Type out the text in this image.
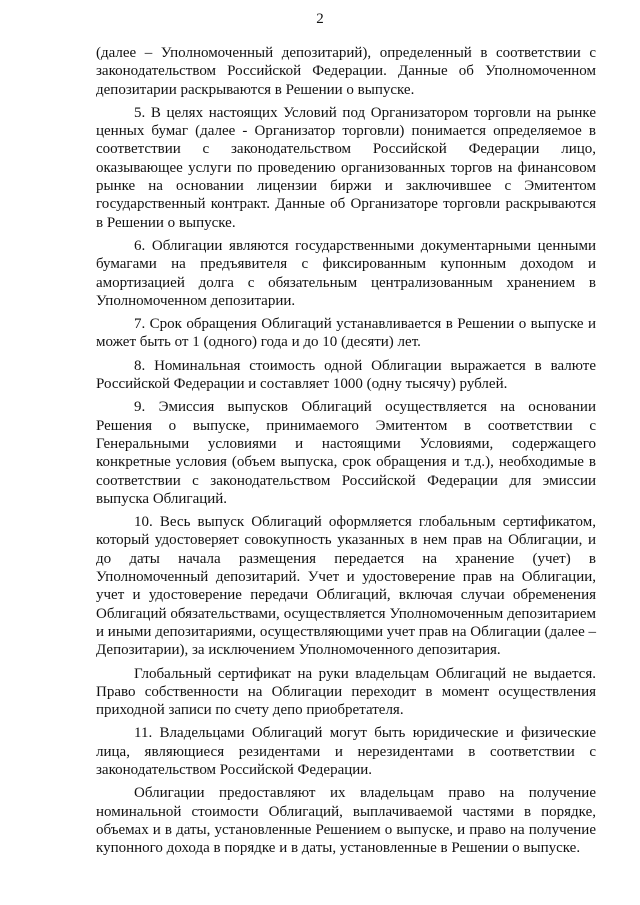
2

(далее – Уполномоченный депозитарий), определенный в соответствии с законодательством Российской Федерации. Данные об Уполномоченном депозитарии раскрываются в Решении о выпуске.

5. В целях настоящих Условий под Организатором торговли на рынке ценных бумаг (далее - Организатор торговли) понимается определяемое в соответствии с законодательством Российской Федерации лицо, оказывающее услуги по проведению организованных торгов на финансовом рынке на основании лицензии биржи и заключившее с Эмитентом государственный контракт. Данные об Организаторе торговли раскрываются в Решении о выпуске.

6. Облигации являются государственными документарными ценными бумагами на предъявителя с фиксированным купонным доходом и амортизацией долга с обязательным централизованным хранением в Уполномоченном депозитарии.

7. Срок обращения Облигаций устанавливается в Решении о выпуске и может быть от 1 (одного) года и до 10 (десяти) лет.

8. Номинальная стоимость одной Облигации выражается в валюте Российской Федерации и составляет 1000 (одну тысячу) рублей.

9. Эмиссия выпусков Облигаций осуществляется на основании Решения о выпуске, принимаемого Эмитентом в соответствии с Генеральными условиями и настоящими Условиями, содержащего конкретные условия (объем выпуска, срок обращения и т.д.), необходимые в соответствии с законодательством Российской Федерации для эмиссии выпуска Облигаций.

10. Весь выпуск Облигаций оформляется глобальным сертификатом, который удостоверяет совокупность указанных в нем прав на Облигации, и до даты начала размещения передается на хранение (учет) в Уполномоченный депозитарий. Учет и удостоверение прав на Облигации, учет и удостоверение передачи Облигаций, включая случаи обременения Облигаций обязательствами, осуществляется Уполномоченным депозитарием и иными депозитариями, осуществляющими учет прав на Облигации (далее – Депозитарии), за исключением Уполномоченного депозитария.

Глобальный сертификат на руки владельцам Облигаций не выдается. Право собственности на Облигации переходит в момент осуществления приходной записи по счету депо приобретателя.

11. Владельцами Облигаций могут быть юридические и физические лица, являющиеся резидентами и нерезидентами в соответствии с законодательством Российской Федерации.

Облигации предоставляют их владельцам право на получение номинальной стоимости Облигаций, выплачиваемой частями в порядке, объемах и в даты, установленные Решением о выпуске, и право на получение купонного дохода в порядке и в даты, установленные в Решении о выпуске.
